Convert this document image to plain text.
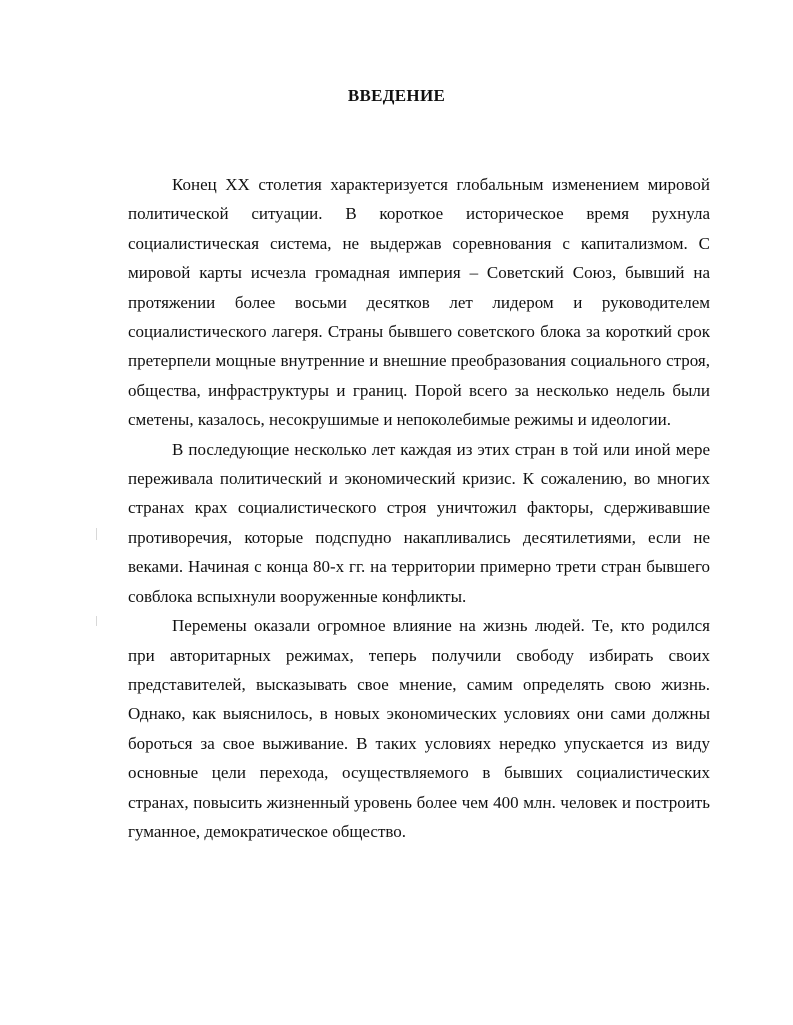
ВВЕДЕНИЕ

Конец XX столетия характеризуется глобальным изменением мировой политической ситуации. В короткое историческое время рухнула социалистическая система, не выдержав соревнования с капитализмом. С мировой карты исчезла громадная империя – Советский Союз, бывший на протяжении более восьми десятков лет лидером и руководителем социалистического лагеря. Страны бывшего советского блока за короткий срок претерпели мощные внутренние и внешние преобразования социального строя, общества, инфраструктуры и границ. Порой всего за несколько недель были сметены, казалось, несокрушимые и непоколебимые режимы и идеологии.

В последующие несколько лет каждая из этих стран в той или иной мере переживала политический и экономический кризис. К сожалению, во многих странах крах социалистического строя уничтожил факторы, сдерживавшие противоречия, которые подспудно накапливались десятилетиями, если не веками. Начиная с конца 80-х гг. на территории примерно трети стран бывшего совблока вспыхнули вооруженные конфликты.

Перемены оказали огромное влияние на жизнь людей. Те, кто родился при авторитарных режимах, теперь получили свободу избирать своих представителей, высказывать свое мнение, самим определять свою жизнь. Однако, как выяснилось, в новых экономических условиях они сами должны бороться за свое выживание. В таких условиях нередко упускается из виду основные цели перехода, осуществляемого в бывших социалистических странах, повысить жизненный уровень более чем 400 млн. человек и построить гуманное, демократическое общество.
